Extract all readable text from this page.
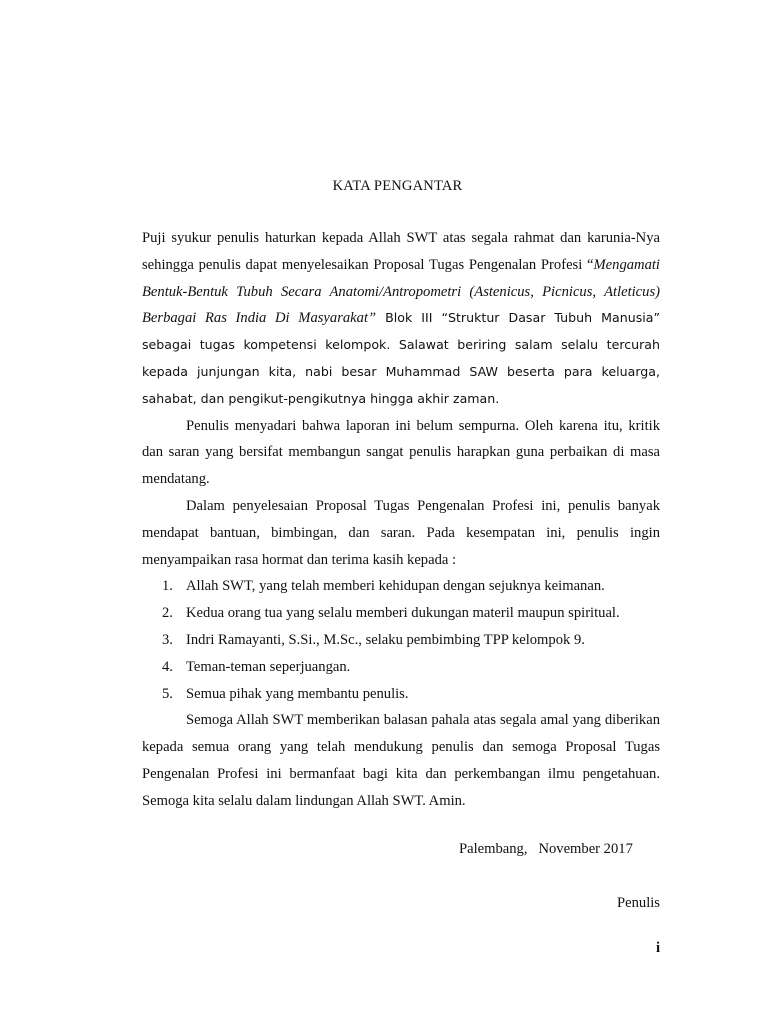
KATA PENGANTAR

Puji syukur penulis haturkan kepada Allah SWT atas segala rahmat dan karunia-Nya sehingga penulis dapat menyelesaikan Proposal Tugas Pengenalan Profesi “Mengamati Bentuk-Bentuk Tubuh Secara Anatomi/Antropometri (Astenicus, Picnicus, Atleticus) Berbagai Ras India Di Masyarakat” Blok III “Struktur Dasar Tubuh Manusia” sebagai tugas kompetensi kelompok. Salawat beriring salam selalu tercurah kepada junjungan kita, nabi besar Muhammad SAW beserta para keluarga, sahabat, dan pengikut-pengikutnya hingga akhir zaman.

Penulis menyadari bahwa laporan ini belum sempurna. Oleh karena itu, kritik dan saran yang bersifat membangun sangat penulis harapkan guna perbaikan di masa mendatang.

Dalam penyelesaian Proposal Tugas Pengenalan Profesi ini, penulis banyak mendapat bantuan, bimbingan, dan saran. Pada kesempatan ini, penulis ingin menyampaikan rasa hormat dan terima kasih kepada :

1. Allah SWT, yang telah memberi kehidupan dengan sejuknya keimanan.
2. Kedua orang tua yang selalu memberi dukungan materil maupun spiritual.
3. Indri Ramayanti, S.Si., M.Sc., selaku pembimbing TPP kelompok 9.
4. Teman-teman seperjuangan.
5. Semua pihak yang membantu penulis.

Semoga Allah SWT memberikan balasan pahala atas segala amal yang diberikan kepada semua orang yang telah mendukung penulis dan semoga Proposal Tugas Pengenalan Profesi ini bermanfaat bagi kita dan perkembangan ilmu pengetahuan. Semoga kita selalu dalam lindungan Allah SWT. Amin.

Palembang,   November 2017
Penulis
i
